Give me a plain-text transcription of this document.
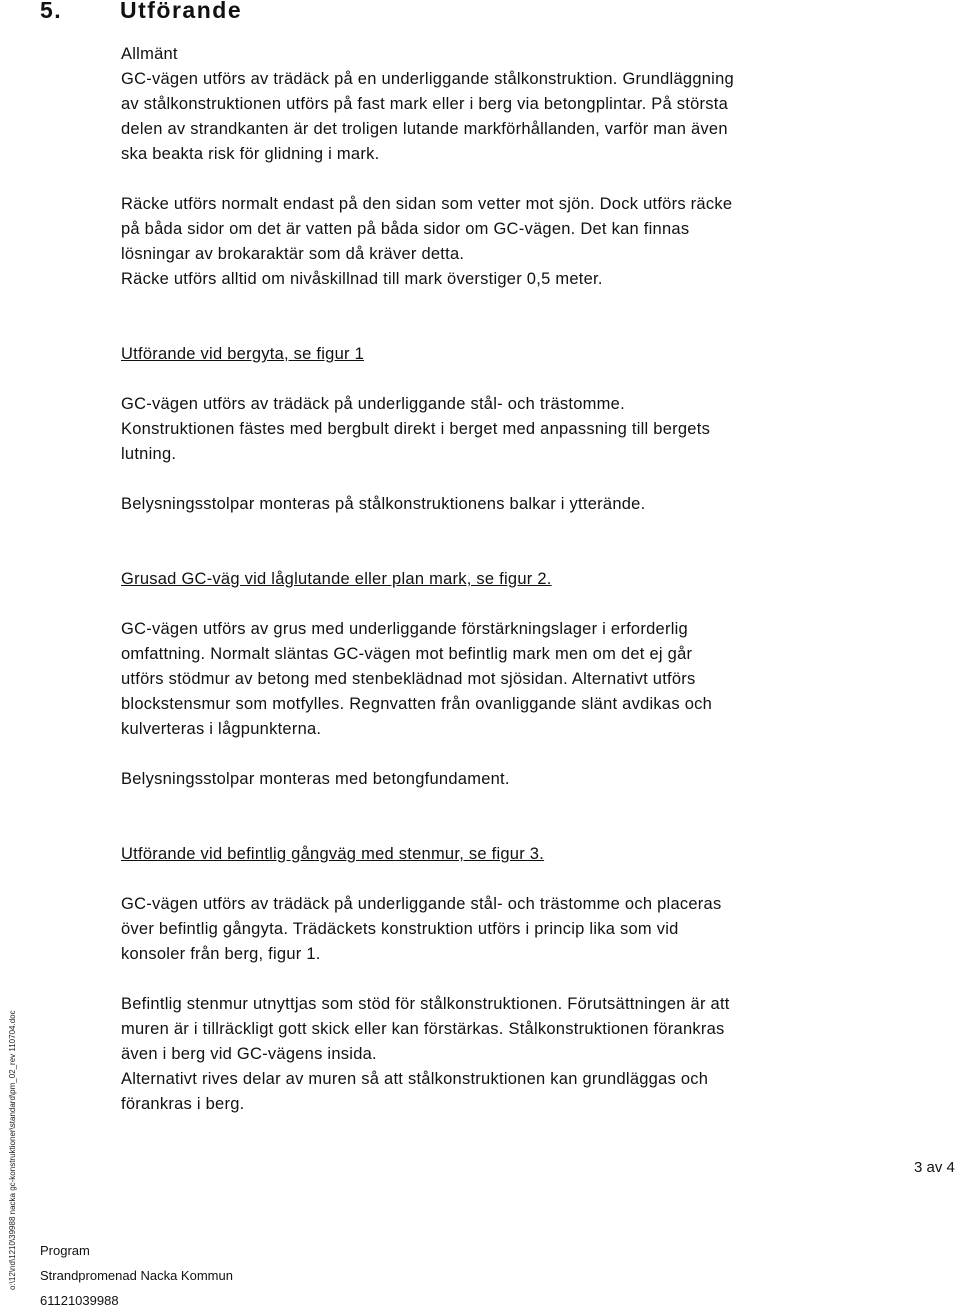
5.	Utförande

Allmänt

GC-vägen utförs av trädäck på en underliggande stålkonstruktion. Grundläggning
av stålkonstruktionen utförs på fast mark eller i berg via betongplintar. På största
delen av strandkanten är det troligen lutande markförhållanden, varför man även
ska beakta risk för glidning i mark.

Räcke utförs normalt endast på den sidan som vetter mot sjön. Dock utförs räcke
på båda sidor om det är vatten på båda sidor om GC-vägen. Det kan finnas
lösningar av brokaraktär som då kräver detta.
Räcke utförs alltid om nivåskillnad till mark överstiger 0,5 meter.

Utförande vid bergyta, se figur 1

GC-vägen utförs av trädäck på underliggande stål- och trästomme.
Konstruktionen fästes med bergbult direkt i berget med anpassning till bergets
lutning.

Belysningsstolpar monteras på stålkonstruktionens balkar i ytterände.

Grusad GC-väg vid låglutande eller plan mark, se figur 2.

GC-vägen utförs av grus med underliggande förstärkningslager i erforderlig
omfattning. Normalt släntas GC-vägen mot befintlig mark men om det ej går
utförs stödmur av betong med stenbeklädnad mot sjösidan. Alternativt utförs
blockstensmur som motfylles. Regnvatten från ovanliggande slänt avdikas och
kulverteras i lågpunkterna.

Belysningsstolpar monteras med betongfundament.

Utförande vid befintlig gångväg med stenmur, se figur 3.

GC-vägen utförs av trädäck på underliggande stål- och trästomme och placeras
över befintlig gångyta. Trädäckets konstruktion utförs i princip lika som vid
konsoler från berg, figur 1.

Befintlig stenmur utnyttjas som stöd för stålkonstruktionen. Förutsättningen är att
muren är i tillräckligt gott skick eller kan förstärkas. Stålkonstruktionen förankras
även i berg vid GC-vägens insida.
Alternativt rives delar av muren så att stålkonstruktionen kan grundläggas och
förankras i berg.

3 av 4
Program
Strandpromenad Nacka Kommun
61121039988
o:\12\nd\1210\39988 nacka gc-konstruktioner\standard\pm_02_rev 110704.doc
